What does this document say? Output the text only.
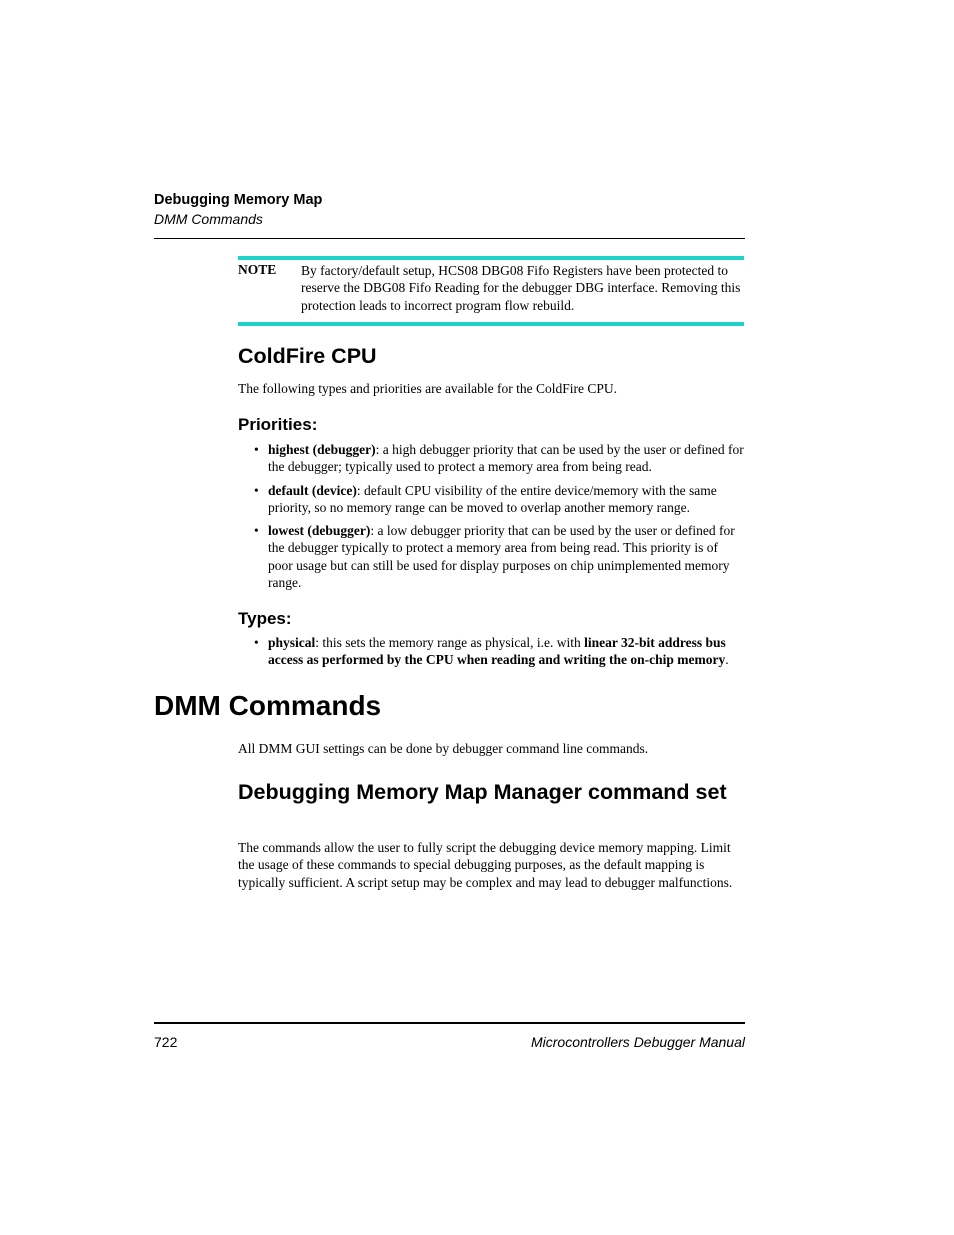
Debugging Memory Map
DMM Commands
NOTE By factory/default setup, HCS08 DBG08 Fifo Registers have been protected to reserve the DBG08 Fifo Reading for the debugger DBG interface. Removing this protection leads to incorrect program flow rebuild.
ColdFire CPU
The following types and priorities are available for the ColdFire CPU.
Priorities:
• highest (debugger): a high debugger priority that can be used by the user or defined for the debugger; typically used to protect a memory area from being read.
• default (device): default CPU visibility of the entire device/memory with the same priority, so no memory range can be moved to overlap another memory range.
• lowest (debugger): a low debugger priority that can be used by the user or defined for the debugger typically to protect a memory area from being read. This priority is of poor usage but can still be used for display purposes on chip unimplemented memory range.
Types:
• physical: this sets the memory range as physical, i.e. with linear 32-bit address bus access as performed by the CPU when reading and writing the on-chip memory.
DMM Commands
All DMM GUI settings can be done by debugger command line commands.
Debugging Memory Map Manager command set
The commands allow the user to fully script the debugging device memory mapping. Limit the usage of these commands to special debugging purposes, as the default mapping is typically sufficient. A script setup may be complex and may lead to debugger malfunctions.
722	Microcontrollers Debugger Manual
